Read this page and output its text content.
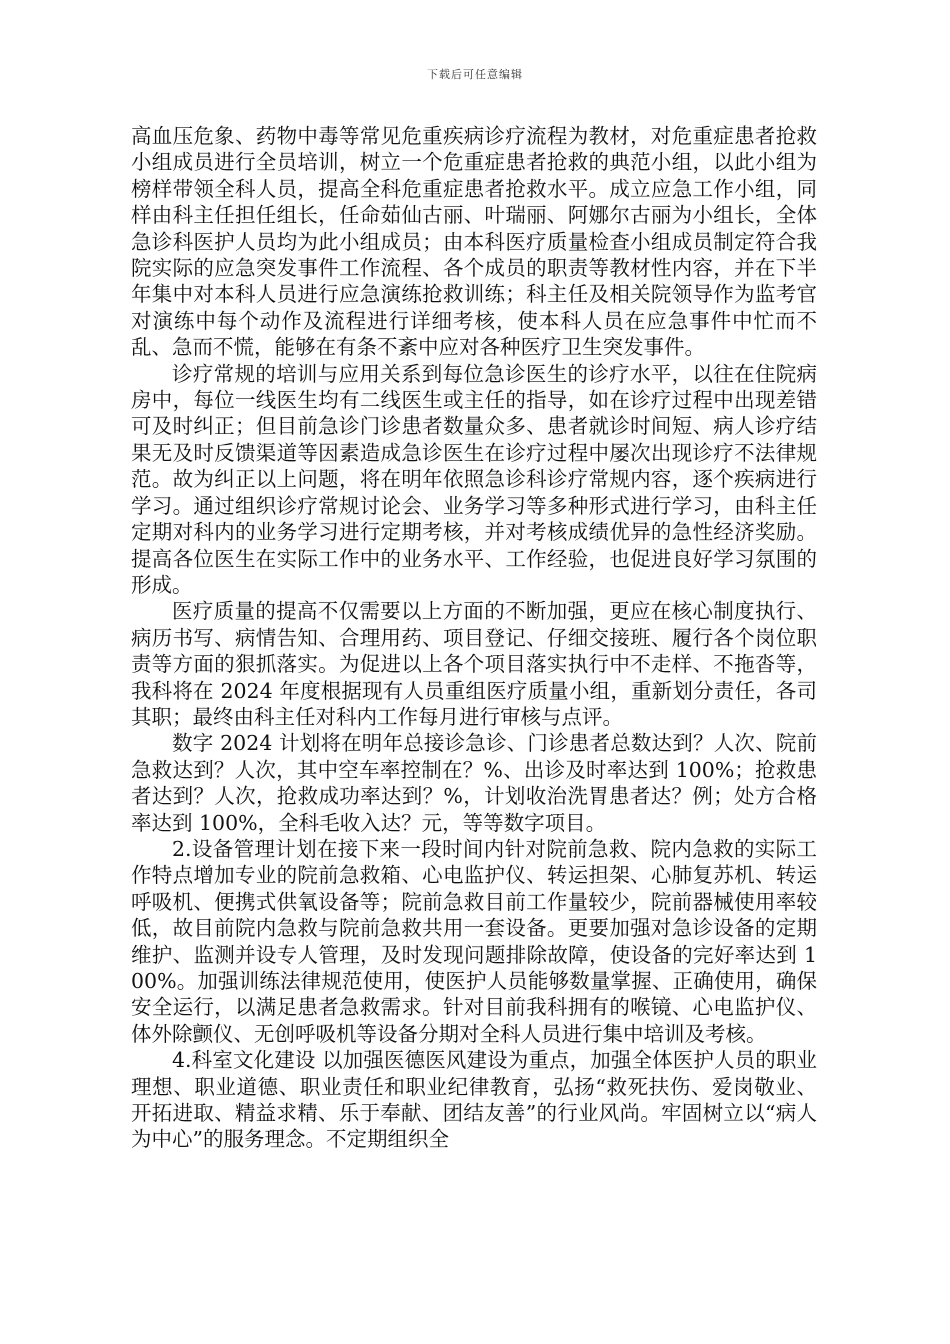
下载后可任意编辑

高血压危象、药物中毒等常见危重疾病诊疗流程为教材，对危重症患者抢救小组成员进行全员培训，树立一个危重症患者抢救的典范小组，以此小组为榜样带领全科人员，提高全科危重症患者抢救水平。成立应急工作小组，同样由科主任担任组长，任命茹仙古丽、叶瑞丽、阿娜尔古丽为小组长，全体急诊科医护人员均为此小组成员；由本科医疗质量检查小组成员制定符合我院实际的应急突发事件工作流程、各个成员的职责等教材性内容，并在下半年集中对本科人员进行应急演练抢救训练；科主任及相关院领导作为监考官对演练中每个动作及流程进行详细考核，使本科人员在应急事件中忙而不乱、急而不慌，能够在有条不紊中应对各种医疗卫生突发事件。

诊疗常规的培训与应用关系到每位急诊医生的诊疗水平，以往在住院病房中，每位一线医生均有二线医生或主任的指导，如在诊疗过程中出现差错可及时纠正；但目前急诊门诊患者数量众多、患者就诊时间短、病人诊疗结果无及时反馈渠道等因素造成急诊医生在诊疗过程中屡次出现诊疗不法律规范。故为纠正以上问题，将在明年依照急诊科诊疗常规内容，逐个疾病进行学习。通过组织诊疗常规讨论会、业务学习等多种形式进行学习，由科主任定期对科内的业务学习进行定期考核，并对考核成绩优异的急性经济奖励。提高各位医生在实际工作中的业务水平、工作经验，也促进良好学习氛围的形成。

医疗质量的提高不仅需要以上方面的不断加强，更应在核心制度执行、病历书写、病情告知、合理用药、项目登记、仔细交接班、履行各个岗位职责等方面的狠抓落实。为促进以上各个项目落实执行中不走样、不拖沓等，我科将在 2024 年度根据现有人员重组医疗质量小组，重新划分责任，各司其职；最终由科主任对科内工作每月进行审核与点评。

数字 2024 计划将在明年总接诊急诊、门诊患者总数达到？人次、院前急救达到？人次，其中空车率控制在？%、出诊及时率达到 100%；抢救患者达到？人次，抢救成功率达到？%，计划收治洗胃患者达？例；处方合格率达到 100%，全科毛收入达？元，等等数字项目。

2.设备管理计划在接下来一段时间内针对院前急救、院内急救的实际工作特点增加专业的院前急救箱、心电监护仪、转运担架、心肺复苏机、转运呼吸机、便携式供氧设备等；院前急救目前工作量较少，院前器械使用率较低，故目前院内急救与院前急救共用一套设备。更要加强对急诊设备的定期维护、监测并设专人管理，及时发现问题排除故障，使设备的完好率达到 100%。加强训练法律规范使用，使医护人员能够数量掌握、正确使用，确保安全运行，以满足患者急救需求。针对目前我科拥有的喉镜、心电监护仪、体外除颤仪、无创呼吸机等设备分期对全科人员进行集中培训及考核。

4.科室文化建设 以加强医德医风建设为重点，加强全体医护人员的职业理想、职业道德、职业责任和职业纪律教育，弘扬“救死扶伤、爱岗敬业、开拓进取、精益求精、乐于奉献、团结友善”的行业风尚。牢固树立以“病人为中心”的服务理念。不定期组织全
